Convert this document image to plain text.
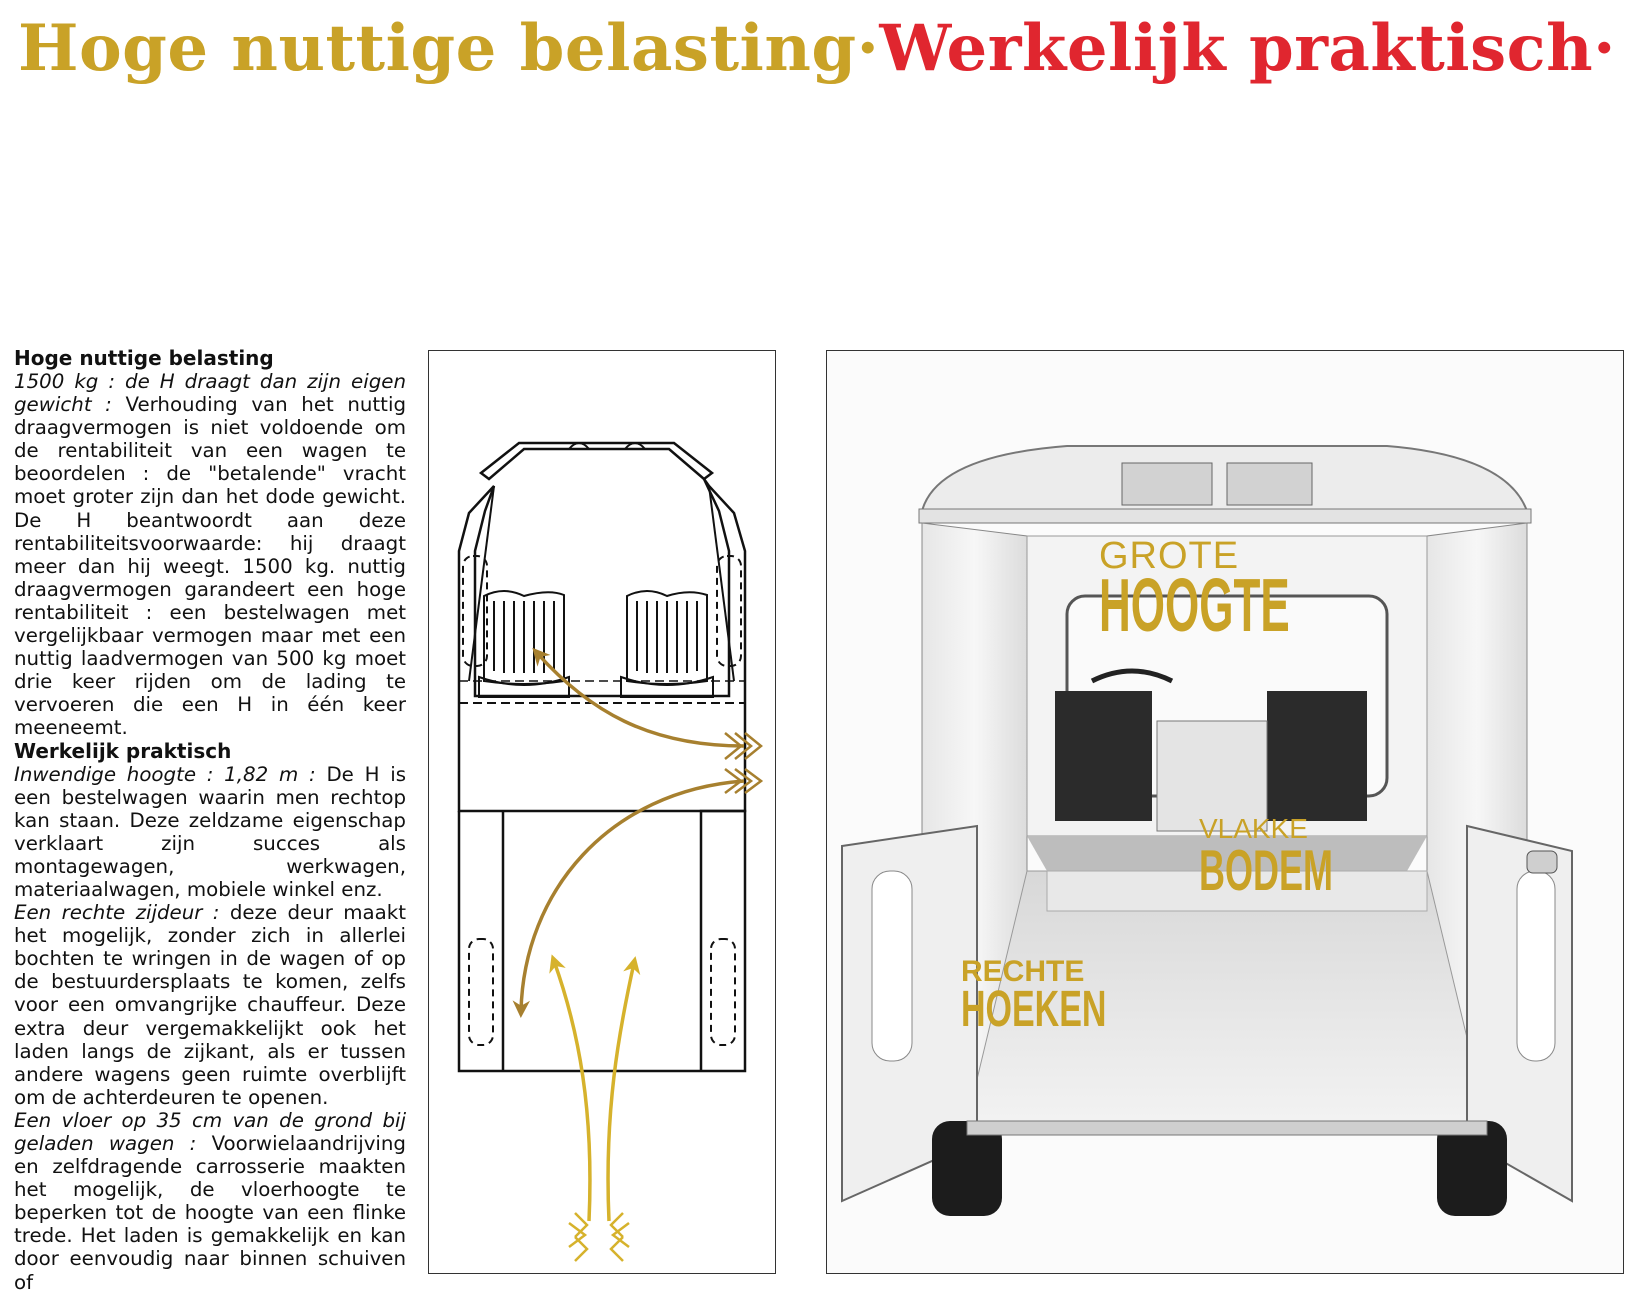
Hoge nuttige belasting·Werkelijk praktisch·
Hoge nuttige belasting

1500 kg : de H draagt dan zijn eigen gewicht : Verhouding van het nuttig draagvermogen is niet voldoende om de rentabiliteit van een wagen te beoordelen : de "betalende" vracht moet groter zijn dan het dode gewicht. De H beantwoordt aan deze rentabiliteitsvoorwaarde: hij draagt meer dan hij weegt. 1500 kg. nuttig draagvermogen garandeert een hoge rentabiliteit : een bestelwagen met vergelijkbaar vermogen maar met een nuttig laadvermogen van 500 kg moet drie keer rijden om de lading te vervoeren die een H in één keer meeneemt.

Werkelijk praktisch

Inwendige hoogte : 1,82 m : De H is een bestelwagen waarin men rechtop kan staan. Deze zeldzame eigenschap verklaart zijn succes als montagewagen, werkwagen, materiaalwagen, mobiele winkel enz.

Een rechte zijdeur : deze deur maakt het mogelijk, zonder zich in allerlei bochten te wringen in de wagen of op de bestuurdersplaats te komen, zelfs voor een omvangrijke chauffeur. Deze extra deur vergemakkelijkt ook het laden langs de zijkant, als er tussen andere wagens geen ruimte overblijft om de achterdeuren te openen.

Een vloer op 35 cm van de grond bij geladen wagen : Voorwielaandrijving en zelfdragende carrosserie maakten het mogelijk, de vloerhoogte te beperken tot de hoogte van een flinke trede. Het laden is gemakkelijk en kan door eenvoudig naar binnen schuiven of

GROTE
HOOGTE
VLAKKE
BODEM
RECHTE
HOEKEN
